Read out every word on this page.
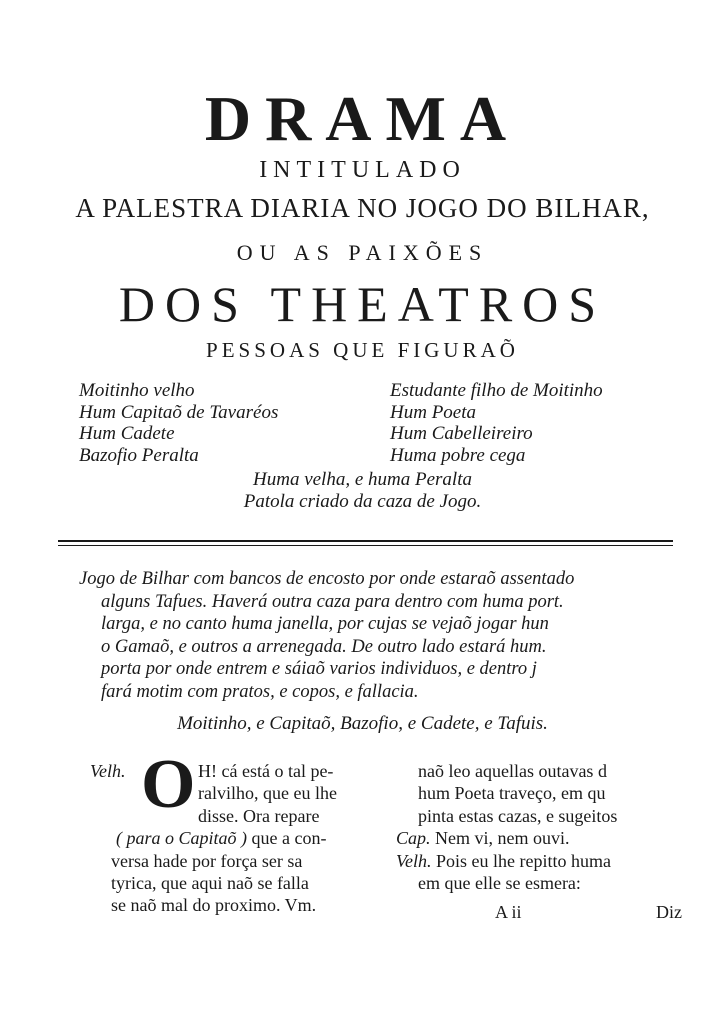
DRAMA
INTITULADO
A PALESTRA DIARIA NO JOGO DO BILHAR,
OU AS PAIXÕES
DOS THEATROS
PESSOAS QUE FIGURAÕ
Moitinho velho
Hum Capitaõ de Tavaréos
Hum Cadete
Bazofio Peralta
Estudante filho de Moitinho
Hum Poeta
Hum Cabelleireiro
Huma pobre cega
Huma velha, e huma Peralta
Patola criado da caza de Jogo.
Jogo de Bilhar com bancos de encosto por onde estaraõ assentado
alguns Tafues. Haverá outra caza para dentro com huma port.
larga, e no canto huma janella, por cujas se vejaõ jogar hun
o Gamaõ, e outros a arrenegada. De outro lado estará hum.
porta por onde entrem e sáiaõ varios individuos, e dentro j
fará motim com pratos, e copos, e fallacia.
Moitinho, e Capitaõ, Bazofio, e Cadete, e Tafuis.
Velh. O H! cá está o tal pe-
ralvilho, que eu lhe
disse. Ora repare
( para o Capitaõ ) que a con-
versa hade por força ser sa
tyrica, que aqui naõ se falla
se naõ mal do proximo. Vm.
naõ leo aquellas outavas d
hum Poeta traveço, em qu
pinta estas cazas, e sugeitos
Cap. Nem vi, nem ouvi.
Velh. Pois eu lhe repitto huma
em que elle se esmera:
A ii	Diz
